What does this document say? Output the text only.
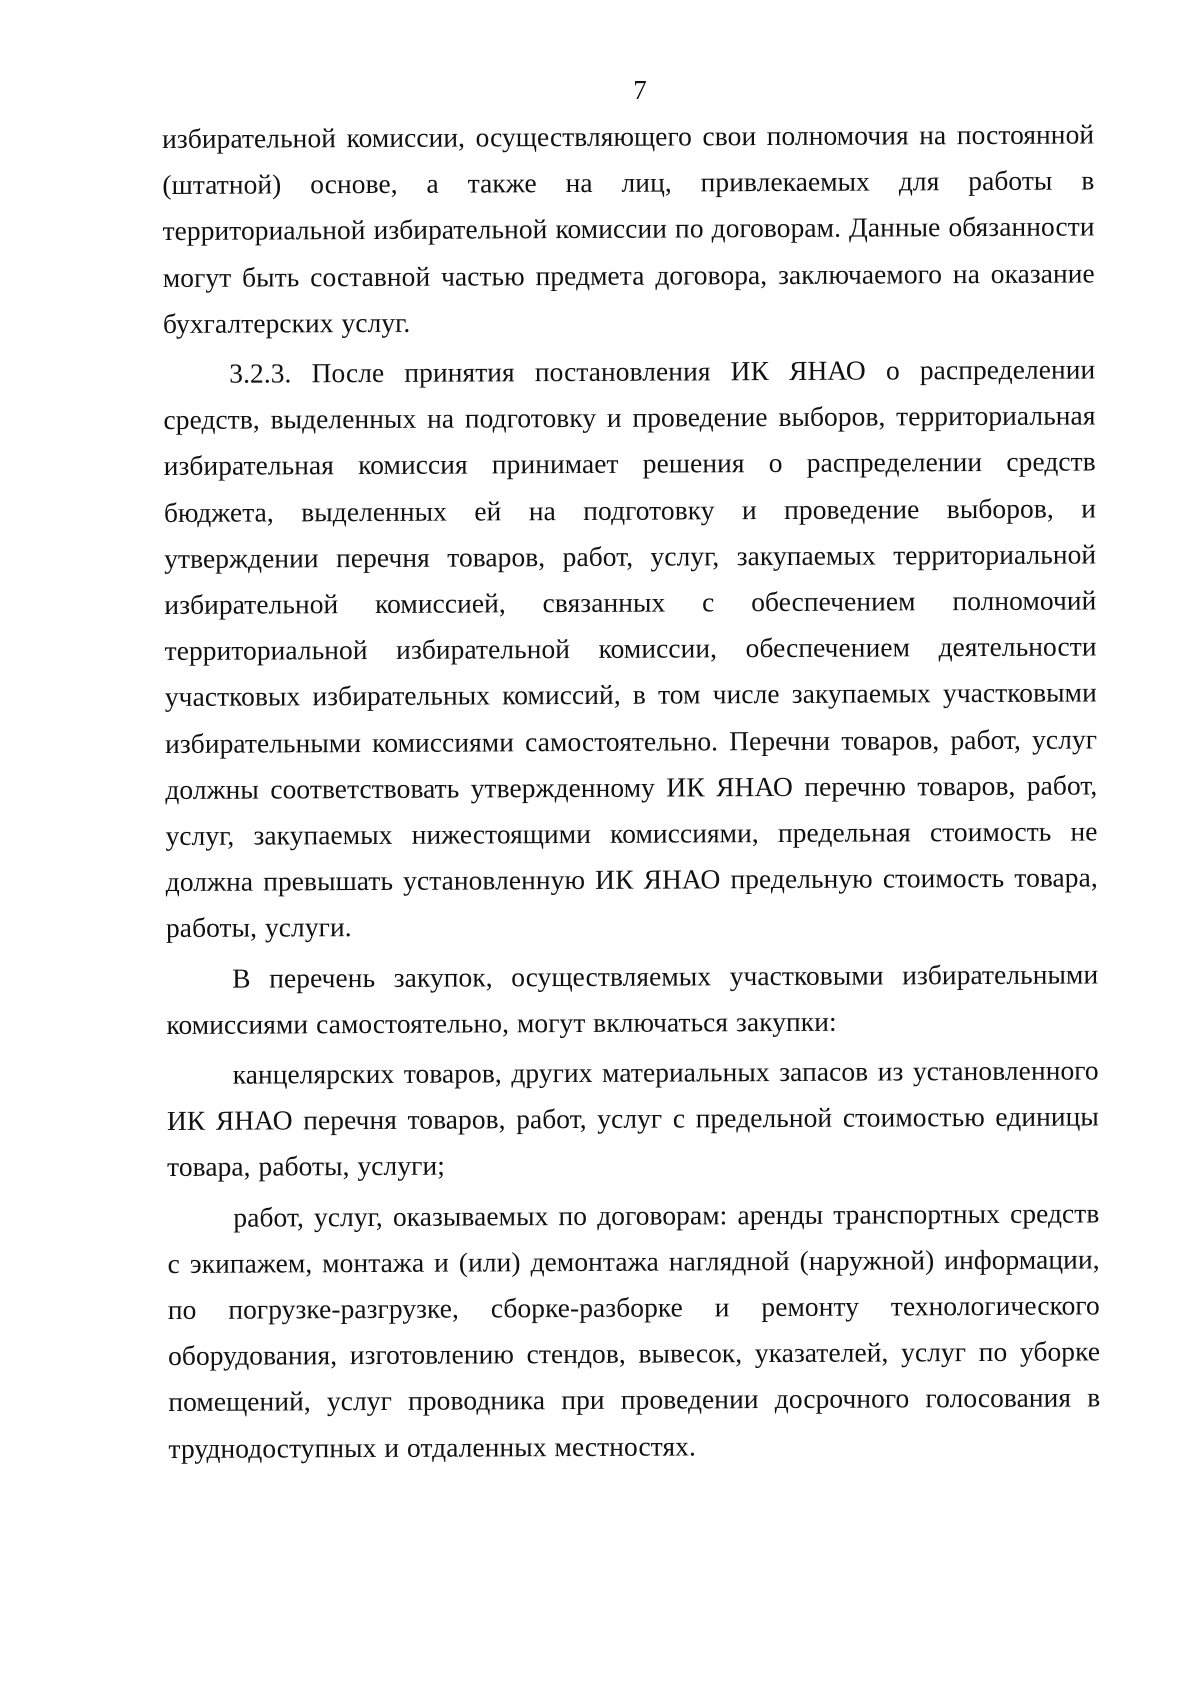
7

избирательной комиссии, осуществляющего свои полномочия на постоянной (штатной) основе, а также на лиц, привлекаемых для работы в территориальной избирательной комиссии по договорам. Данные обязанности могут быть составной частью предмета договора, заключаемого на оказание бухгалтерских услуг.

3.2.3. После принятия постановления ИК ЯНАО о распределении средств, выделенных на подготовку и проведение выборов, территориальная избирательная комиссия принимает решения о распределении средств бюджета, выделенных ей на подготовку и проведение выборов, и утверждении перечня товаров, работ, услуг, закупаемых территориальной избирательной комиссией, связанных с обеспечением полномочий территориальной избирательной комиссии, обеспечением деятельности участковых избирательных комиссий, в том числе закупаемых участковыми избирательными комиссиями самостоятельно. Перечни товаров, работ, услуг должны соответствовать утвержденному ИК ЯНАО перечню товаров, работ, услуг, закупаемых нижестоящими комиссиями, предельная стоимость не должна превышать установленную ИК ЯНАО предельную стоимость товара, работы, услуги.

В перечень закупок, осуществляемых участковыми избирательными комиссиями самостоятельно, могут включаться закупки:

канцелярских товаров, других материальных запасов из установленного ИК ЯНАО перечня товаров, работ, услуг с предельной стоимостью единицы товара, работы, услуги;

работ, услуг, оказываемых по договорам: аренды транспортных средств с экипажем, монтажа и (или) демонтажа наглядной (наружной) информации, по погрузке-разгрузке, сборке-разборке и ремонту технологического оборудования, изготовлению стендов, вывесок, указателей, услуг по уборке помещений, услуг проводника при проведении досрочного голосования в труднодоступных и отдаленных местностях.
